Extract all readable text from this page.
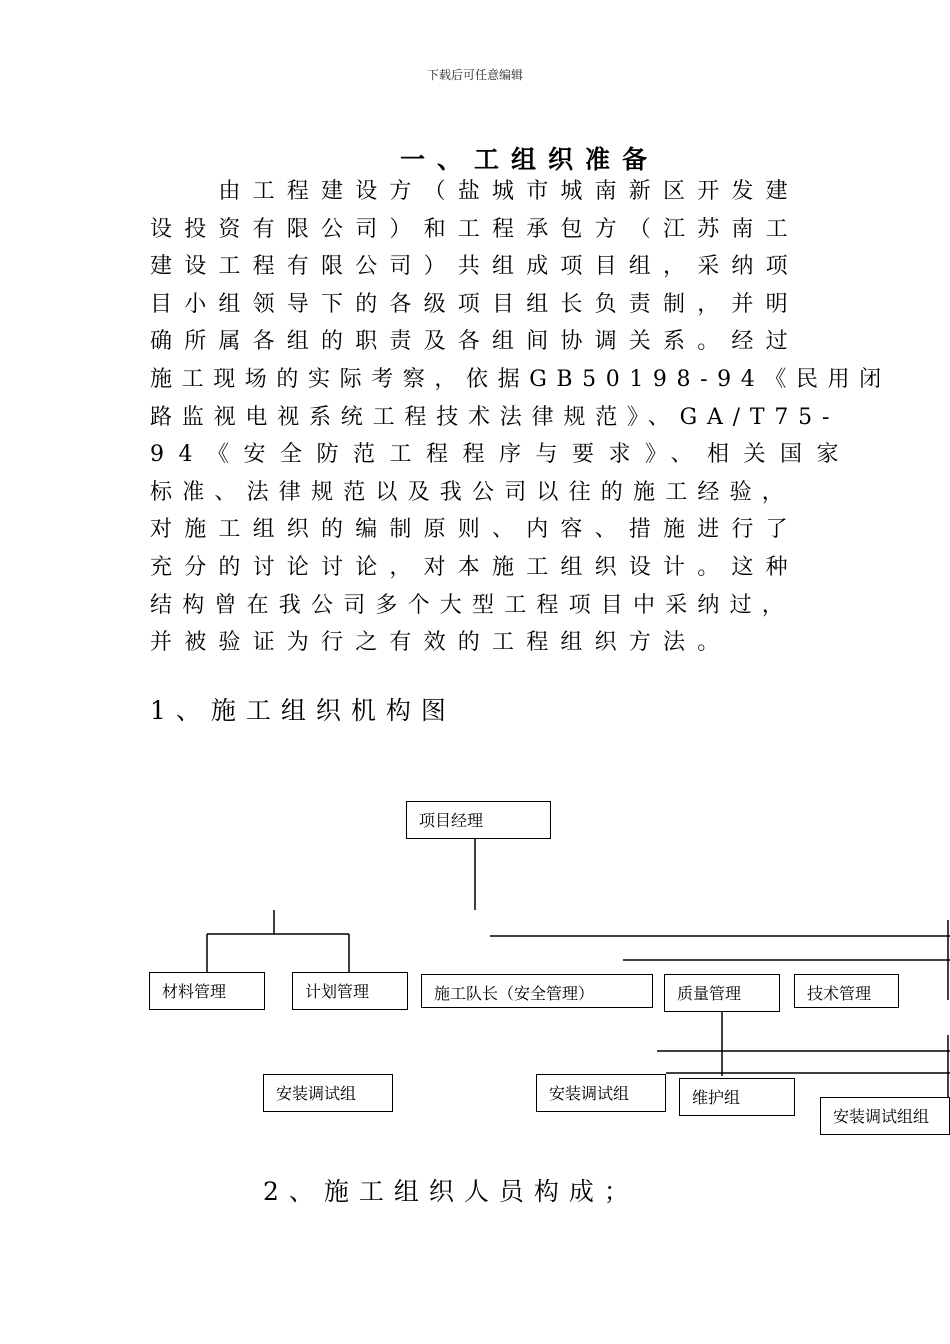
下载后可任意编辑
一、工组织准备
　　由工程建设方（盐城市城南新区开发建
设投资有限公司）和工程承包方（江苏南工
建设工程有限公司）共组成项目组，采纳项
目小组领导下的各级项目组长负责制，并明
确所属各组的职责及各组间协调关系。经过
施工现场的实际考察，依据GB50198-94《民用闭
路监视电视系统工程技术法律规范》、GA/T75-
94《安全防范工程程序与要求》、相关国家
标准、法律规范以及我公司以往的施工经验，
对施工组织的编制原则、内容、措施进行了
充分的讨论讨论，对本施工组织设计。这种
结构曾在我公司多个大型工程项目中采纳过，
并被验证为行之有效的工程组织方法。
1、施工组织机构图
项目经理
材料管理	计划管理	施工队长（安全管理）	质量管理	技术管理
安装调试组	安装调试组	维护组
安装调试组组
2、施工组织人员构成；
